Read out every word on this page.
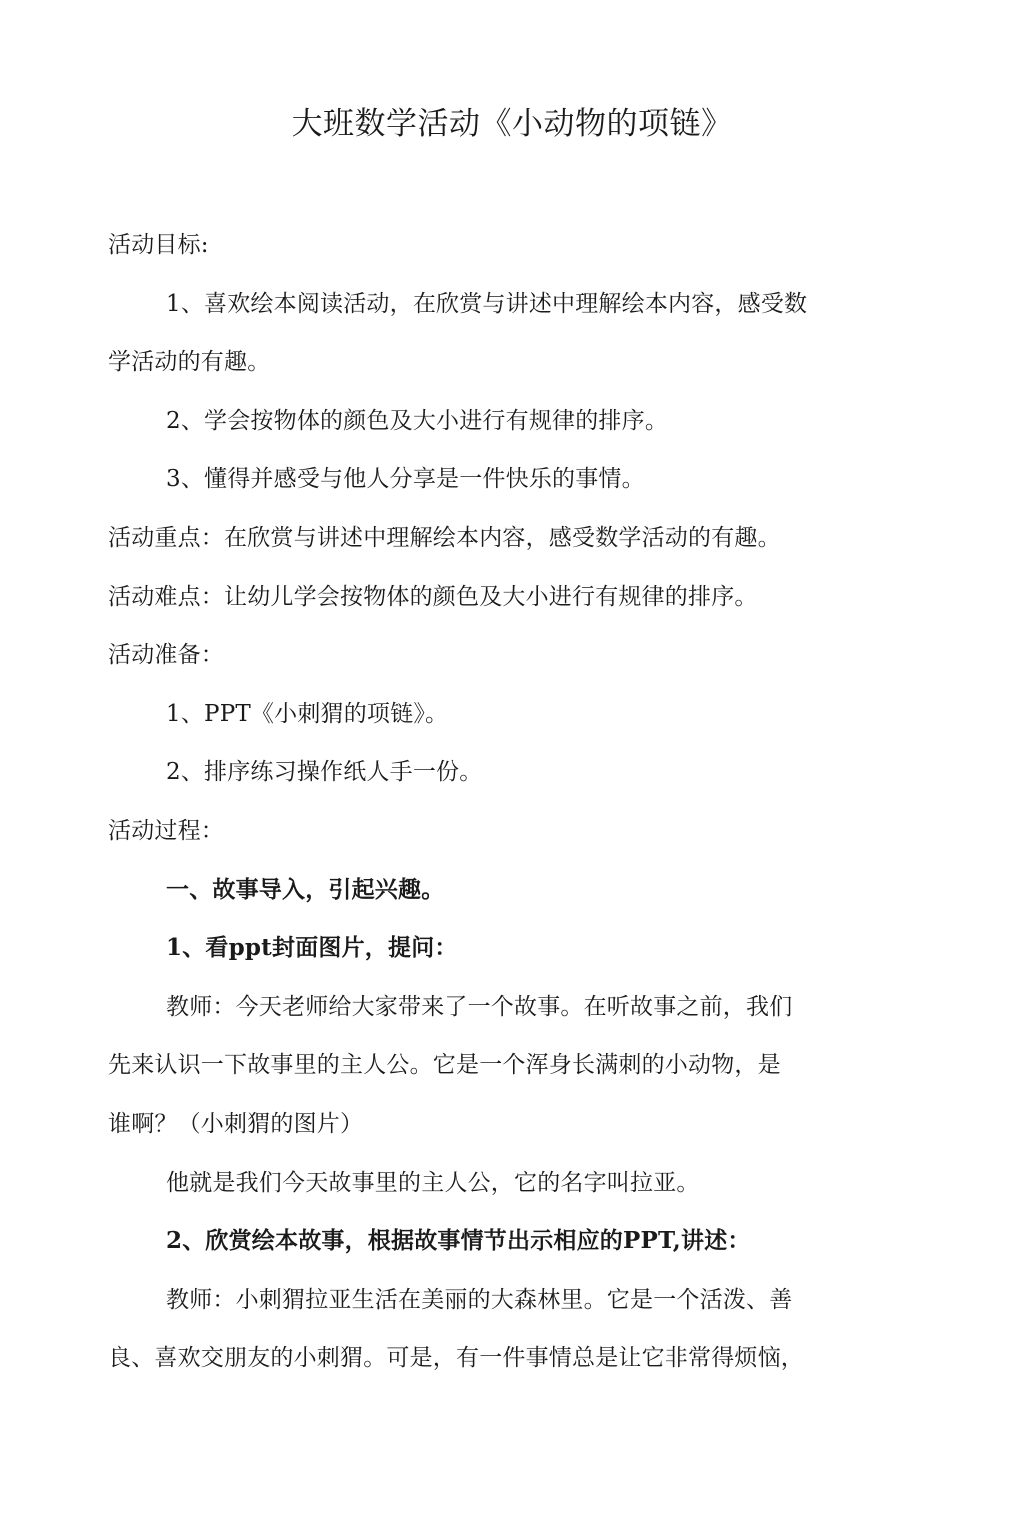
大班数学活动《小动物的项链》

活动目标:

1、喜欢绘本阅读活动，在欣赏与讲述中理解绘本内容，感受数

学活动的有趣。

2、学会按物体的颜色及大小进行有规律的排序。

3、懂得并感受与他人分享是一件快乐的事情。

活动重点：在欣赏与讲述中理解绘本内容，感受数学活动的有趣。

活动难点：让幼儿学会按物体的颜色及大小进行有规律的排序。

活动准备：

1、PPT《小刺猬的项链》。

2、排序练习操作纸人手一份。

活动过程：

一、故事导入，引起兴趣。

1、看ppt封面图片，提问：

教师：今天老师给大家带来了一个故事。在听故事之前，我们

先来认识一下故事里的主人公。它是一个浑身长满刺的小动物，是

谁啊？（小刺猬的图片）

他就是我们今天故事里的主人公，它的名字叫拉亚。

2、欣赏绘本故事，根据故事情节出示相应的PPT,讲述：

教师：小刺猬拉亚生活在美丽的大森林里。它是一个活泼、善

良、喜欢交朋友的小刺猬。可是，有一件事情总是让它非常得烦恼，
